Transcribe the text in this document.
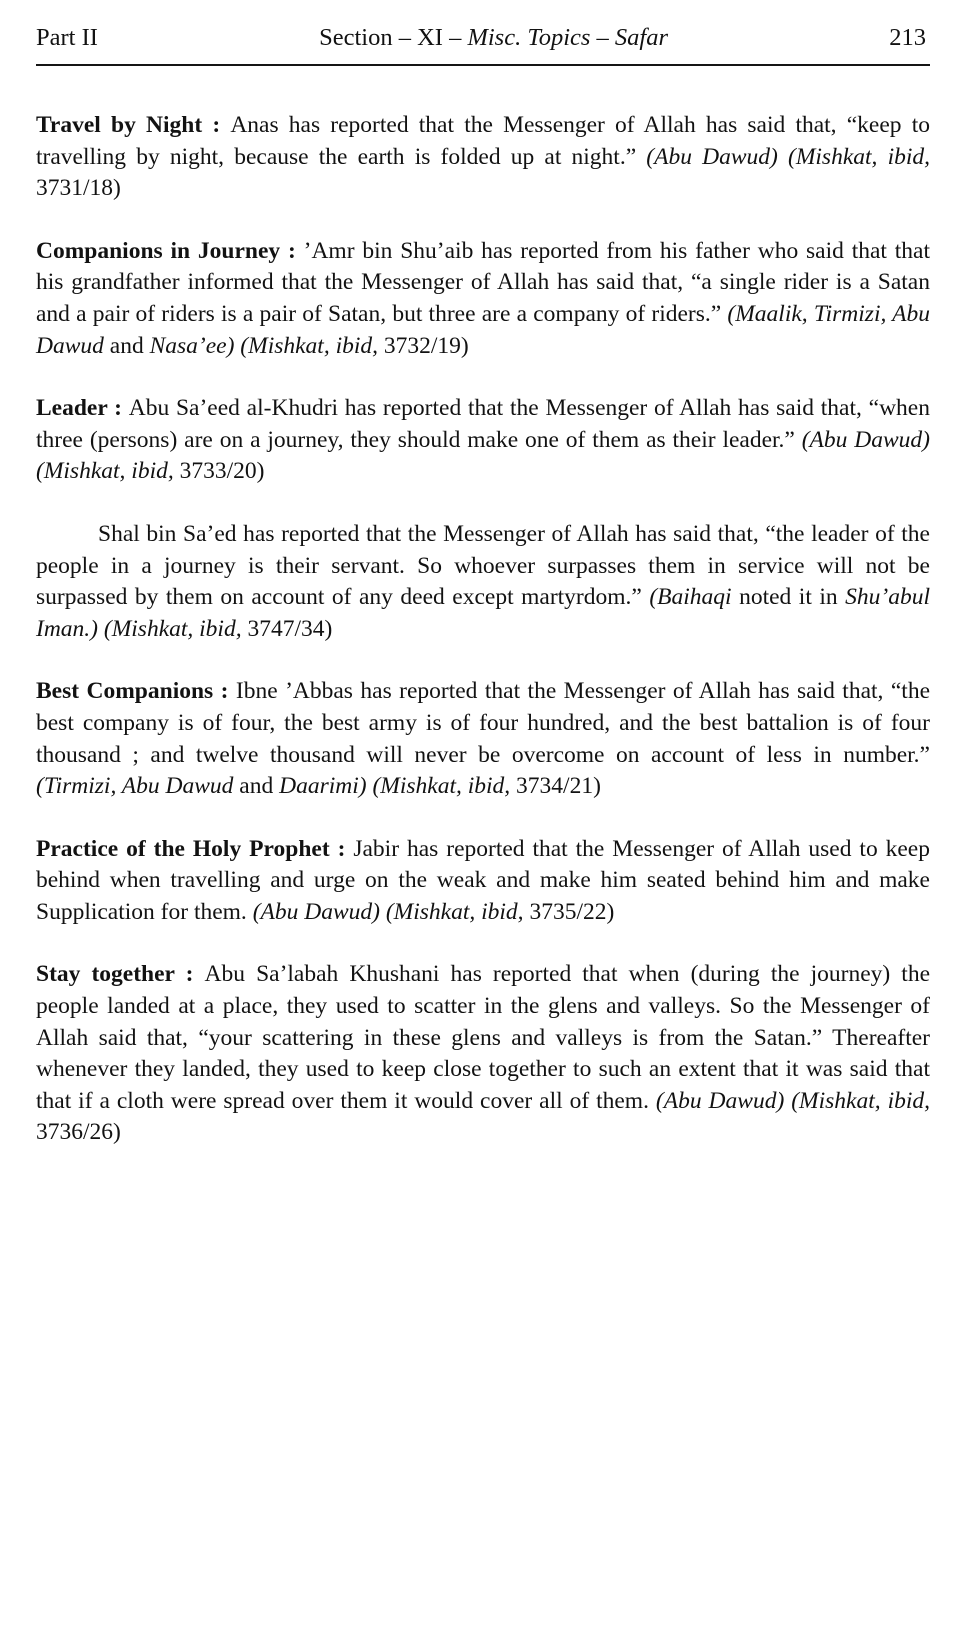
Part II	Section – XI – Misc. Topics – Safar	213

Travel by Night : Anas has reported that the Messenger of Allah has said that, “keep to travelling by night, because the earth is folded up at night.” (Abu Dawud) (Mishkat, ibid, 3731/18)

Companions in Journey : ’Amr bin Shu’aib has reported from his father who said that that his grandfather informed that the Messenger of Allah has said that, “a single rider is a Satan and a pair of riders is a pair of Satan, but three are a company of riders.” (Maalik, Tirmizi, Abu Dawud and Nasa’ee) (Mishkat, ibid, 3732/19)

Leader : Abu Sa’eed al-Khudri has reported that the Messenger of Allah has said that, “when three (persons) are on a journey, they should make one of them as their leader.” (Abu Dawud) (Mishkat, ibid, 3733/20)

Shal bin Sa’ed has reported that the Messenger of Allah has said that, “the leader of the people in a journey is their servant. So whoever surpasses them in service will not be surpassed by them on account of any deed except martyrdom.” (Baihaqi noted it in Shu’abul Iman.) (Mishkat, ibid, 3747/34)

Best Companions : Ibne ’Abbas has reported that the Messenger of Allah has said that, “the best company is of four, the best army is of four hundred, and the best battalion is of four thousand ; and twelve thousand will never be overcome on account of less in number.” (Tirmizi, Abu Dawud and Daarimi) (Mishkat, ibid, 3734/21)

Practice of the Holy Prophet : Jabir has reported that the Messenger of Allah used to keep behind when travelling and urge on the weak and make him seated behind him and make Supplication for them. (Abu Dawud) (Mishkat, ibid, 3735/22)

Stay together : Abu Sa’labah Khushani has reported that when (during the journey) the people landed at a place, they used to scatter in the glens and valleys. So the Messenger of Allah said that, “your scattering in these glens and valleys is from the Satan.” Thereafter whenever they landed, they used to keep close together to such an extent that it was said that that if a cloth were spread over them it would cover all of them. (Abu Dawud) (Mishkat, ibid, 3736/26)
